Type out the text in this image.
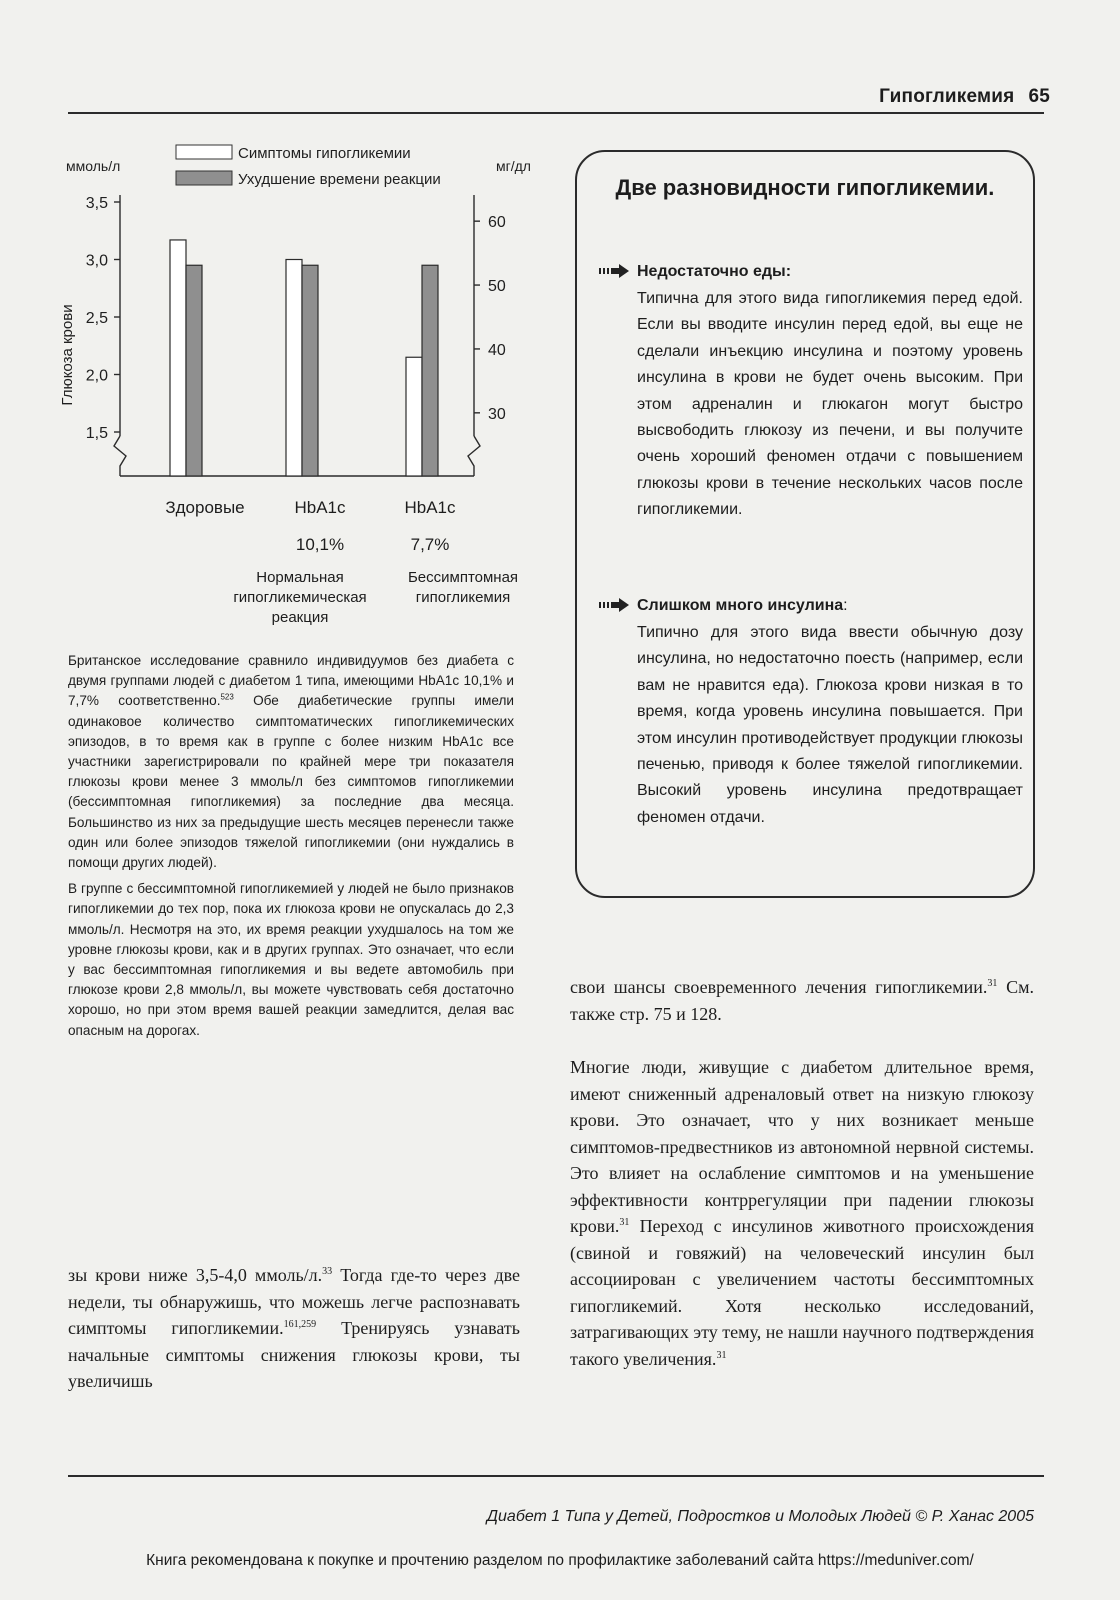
Гипогликемия 65
Симптомы гипогликемии
Ухудшение времени реакции
ммоль/л	мг/дл
Глюкоза крови
3,5
3,0
2,5
2,0
1,5
60
50
40
30
Здоровые	HbA1c
10,1%
HbA1c
7,7%
Нормальная гипогликемическая реакция
Бессимптомная гипогликемия

Британское исследование сравнило индивидуумов без диабета с двумя группами людей с диабетом 1 типа, имеющими HbA1c 10,1% и 7,7% соответственно.$^{523}$ Обе диабетические группы имели одинаковое количество симптоматических гипогликемических эпизодов, в то время как в группе с более низким HbA1c все участники зарегистрировали по крайней мере три показателя глюкозы крови менее 3 ммоль/л без симптомов гипогликемии (бессимптомная гипогликемия) за последние два месяца. Большинство из них за предыдущие шесть месяцев перенесли также один или более эпизодов тяжелой гипогликемии (они нуждались в помощи других людей).

В группе с бессимптомной гипогликемией у людей не было признаков гипогликемии до тех пор, пока их глюкоза крови не опускалась до 2,3 ммоль/л. Несмотря на это, их время реакции ухудшалось на том же уровне глюкозы крови, как и в других группах. Это означает, что если у вас бессимптомная гипогликемия и вы ведете автомобиль при глюкозе крови 2,8 ммоль/л, вы можете чувствовать себя достаточно хорошо, но при этом время вашей реакции замедлится, делая вас опасным на дорогах.

Две разновидности гипогликемии.
Недостаточно еды:
Типична для этого вида гипогликемия перед едой. Если вы вводите инсулин перед едой, вы еще не сделали инъекцию инсулина и поэтому уровень инсулина в крови не будет очень высоким. При этом адреналин и глюкагон могут быстро высвободить глюкозу из печени, и вы получите очень хороший феномен отдачи с повышением глюкозы крови в течение нескольких часов после гипогликемии.
Слишком много инсулина:
Типично для этого вида ввести обычную дозу инсулина, но недостаточно поесть (например, если вам не нравится еда). Глюкоза крови низкая в то время, когда уровень инсулина повышается. При этом инсулин противодействует продукции глюкозы печенью, приводя к более тяжелой гипогликемии. Высокий уровень инсулина предотвращает феномен отдачи.

зы крови ниже 3,5-4,0 ммоль/л.$^{33}$ Тогда где-то через две недели, ты обнаружишь, что можешь легче распознавать симптомы гипогликемии.$^{161,259}$ Тренируясь узнавать начальные симптомы снижения глюкозы крови, ты увеличишь

свои шансы своевременного лечения гипогликемии.$^{31}$ См. также стр. 75 и 128.

Многие люди, живущие с диабетом длительное время, имеют сниженный адреналовый ответ на низкую глюкозу крови. Это означает, что у них возникает меньше симптомов-предвестников из автономной нервной системы. Это влияет на ослабление симптомов и на уменьшение эффективности контррегуляции при падении глюкозы крови.$^{31}$ Переход с инсулинов животного происхождения (свиной и говяжий) на человеческий инсулин был ассоциирован с увеличением частоты бессимптомных гипогликемий. Хотя несколько исследований, затрагивающих эту тему, не нашли научного подтверждения такого увеличения.$^{31}$

Диабет 1 Типа у Детей, Подростков и Молодых Людей © Р. Ханас 2005
Книга рекомендована к покупке и прочтению разделом по профилактике заболеваний сайта https://meduniver.com/
